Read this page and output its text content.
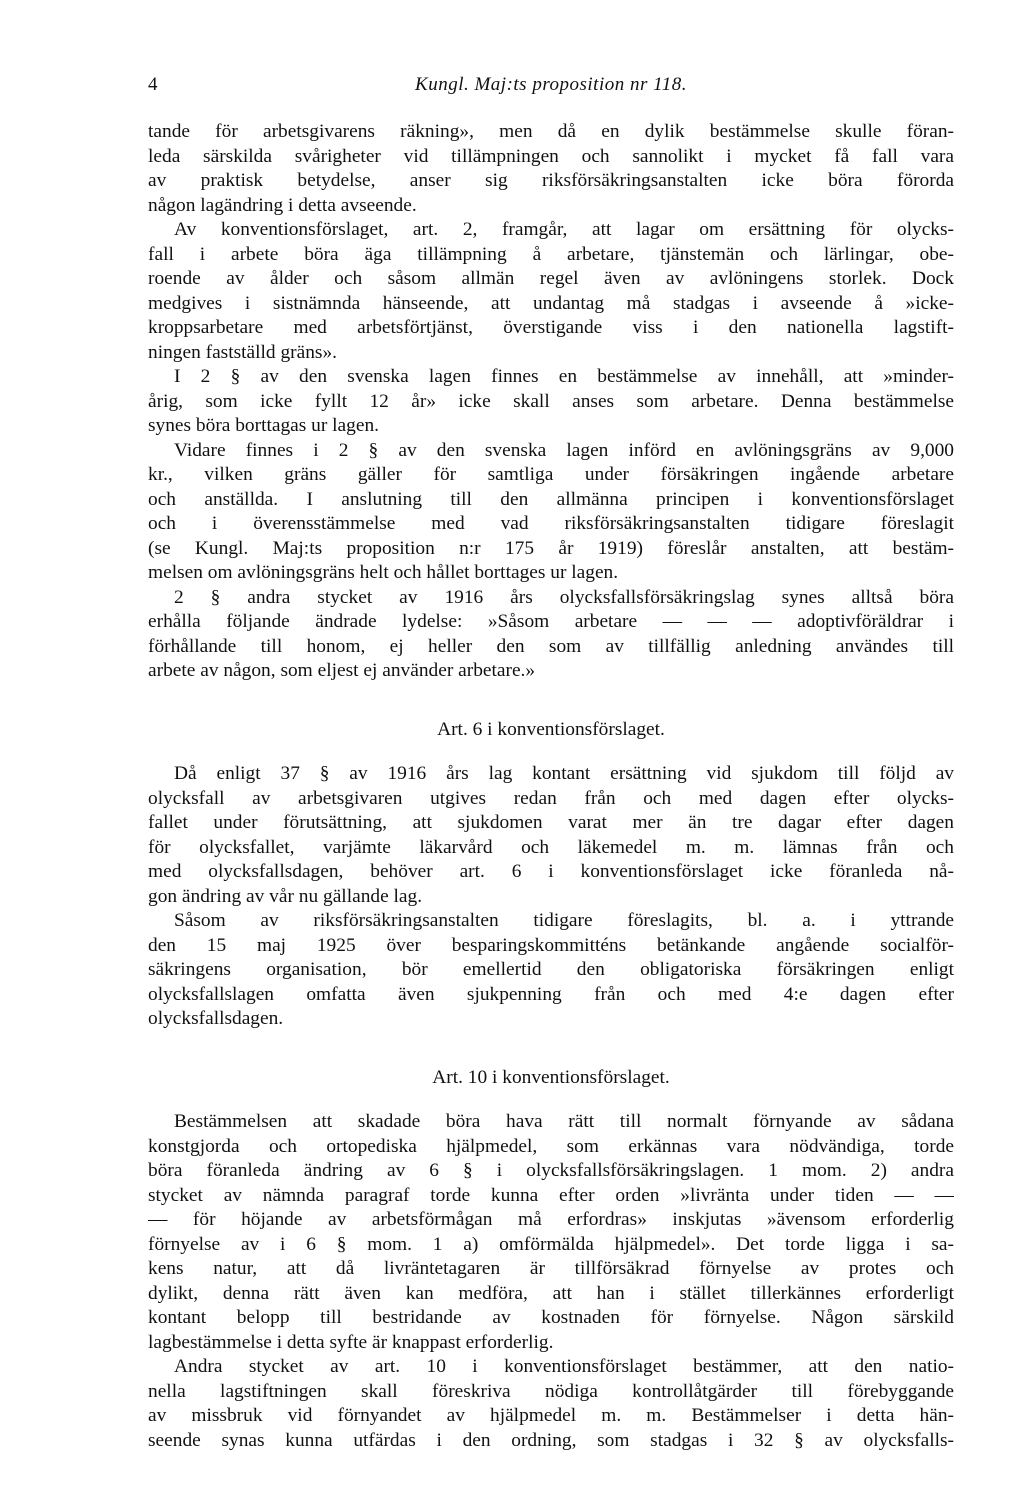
4	Kungl. Maj:ts proposition nr 118.
tande för arbetsgivarens räkning», men då en dylik bestämmelse skulle föran-
leda särskilda svårigheter vid tillämpningen och sannolikt i mycket få fall vara
av praktisk betydelse, anser sig riksförsäkringsanstalten icke böra förorda
någon lagändring i detta avseende.
Av konventionsförslaget, art. 2, framgår, att lagar om ersättning för olycks-
fall i arbete böra äga tillämpning å arbetare, tjänstemän och lärlingar, obe-
roende av ålder och såsom allmän regel även av avlöningens storlek. Dock
medgives i sistnämnda hänseende, att undantag må stadgas i avseende å »icke-
kroppsarbetare med arbetsförtjänst, överstigande viss i den nationella lagstift-
ningen fastställd gräns».
I 2 § av den svenska lagen finnes en bestämmelse av innehåll, att »minder-
årig, som icke fyllt 12 år» icke skall anses som arbetare. Denna bestämmelse
synes böra borttagas ur lagen.
Vidare finnes i 2 § av den svenska lagen införd en avlöningsgräns av 9,000
kr., vilken gräns gäller för samtliga under försäkringen ingående arbetare
och anställda. I anslutning till den allmänna principen i konventionsförslaget
och i överensstämmelse med vad riksförsäkringsanstalten tidigare föreslagit
(se Kungl. Maj:ts proposition n:r 175 år 1919) föreslår anstalten, att bestäm-
melsen om avlöningsgräns helt och hållet borttages ur lagen.
2 § andra stycket av 1916 års olycksfallsförsäkringslag synes alltså böra
erhålla följande ändrade lydelse: »Såsom arbetare — — — adoptivföräldrar i
förhållande till honom, ej heller den som av tillfällig anledning användes till
arbete av någon, som eljest ej använder arbetare.»
Art. 6 i konventionsförslaget.
Då enligt 37 § av 1916 års lag kontant ersättning vid sjukdom till följd av
olycksfall av arbetsgivaren utgives redan från och med dagen efter olycks-
fallet under förutsättning, att sjukdomen varat mer än tre dagar efter dagen
för olycksfallet, varjämte läkarvård och läkemedel m. m. lämnas från och
med olycksfallsdagen, behöver art. 6 i konventionsförslaget icke föranleda nå-
gon ändring av vår nu gällande lag.
Såsom av riksförsäkringsanstalten tidigare föreslagits, bl. a. i yttrande
den 15 maj 1925 över besparingskommitténs betänkande angående socialför-
säkringens organisation, bör emellertid den obligatoriska försäkringen enligt
olycksfallslagen omfatta även sjukpenning från och med 4:e dagen efter
olycksfallsdagen.
Art. 10 i konventionsförslaget.
Bestämmelsen att skadade böra hava rätt till normalt förnyande av sådana
konstgjorda och ortopediska hjälpmedel, som erkännas vara nödvändiga, torde
böra föranleda ändring av 6 § i olycksfallsförsäkringslagen. 1 mom. 2) andra
stycket av nämnda paragraf torde kunna efter orden »livränta under tiden — —
— för höjande av arbetsförmågan må erfordras» inskjutas »ävensom erforderlig
förnyelse av i 6 § mom. 1 a) omförmälda hjälpmedel». Det torde ligga i sa-
kens natur, att då livräntetagaren är tillförsäkrad förnyelse av protes och
dylikt, denna rätt även kan medföra, att han i stället tillerkännes erforderligt
kontant belopp till bestridande av kostnaden för förnyelse. Någon särskild
lagbestämmelse i detta syfte är knappast erforderlig.
Andra stycket av art. 10 i konventionsförslaget bestämmer, att den natio-
nella lagstiftningen skall föreskriva nödiga kontrollåtgärder till förebyggande
av missbruk vid förnyandet av hjälpmedel m. m. Bestämmelser i detta hän-
seende synas kunna utfärdas i den ordning, som stadgas i 32 § av olycksfalls-
